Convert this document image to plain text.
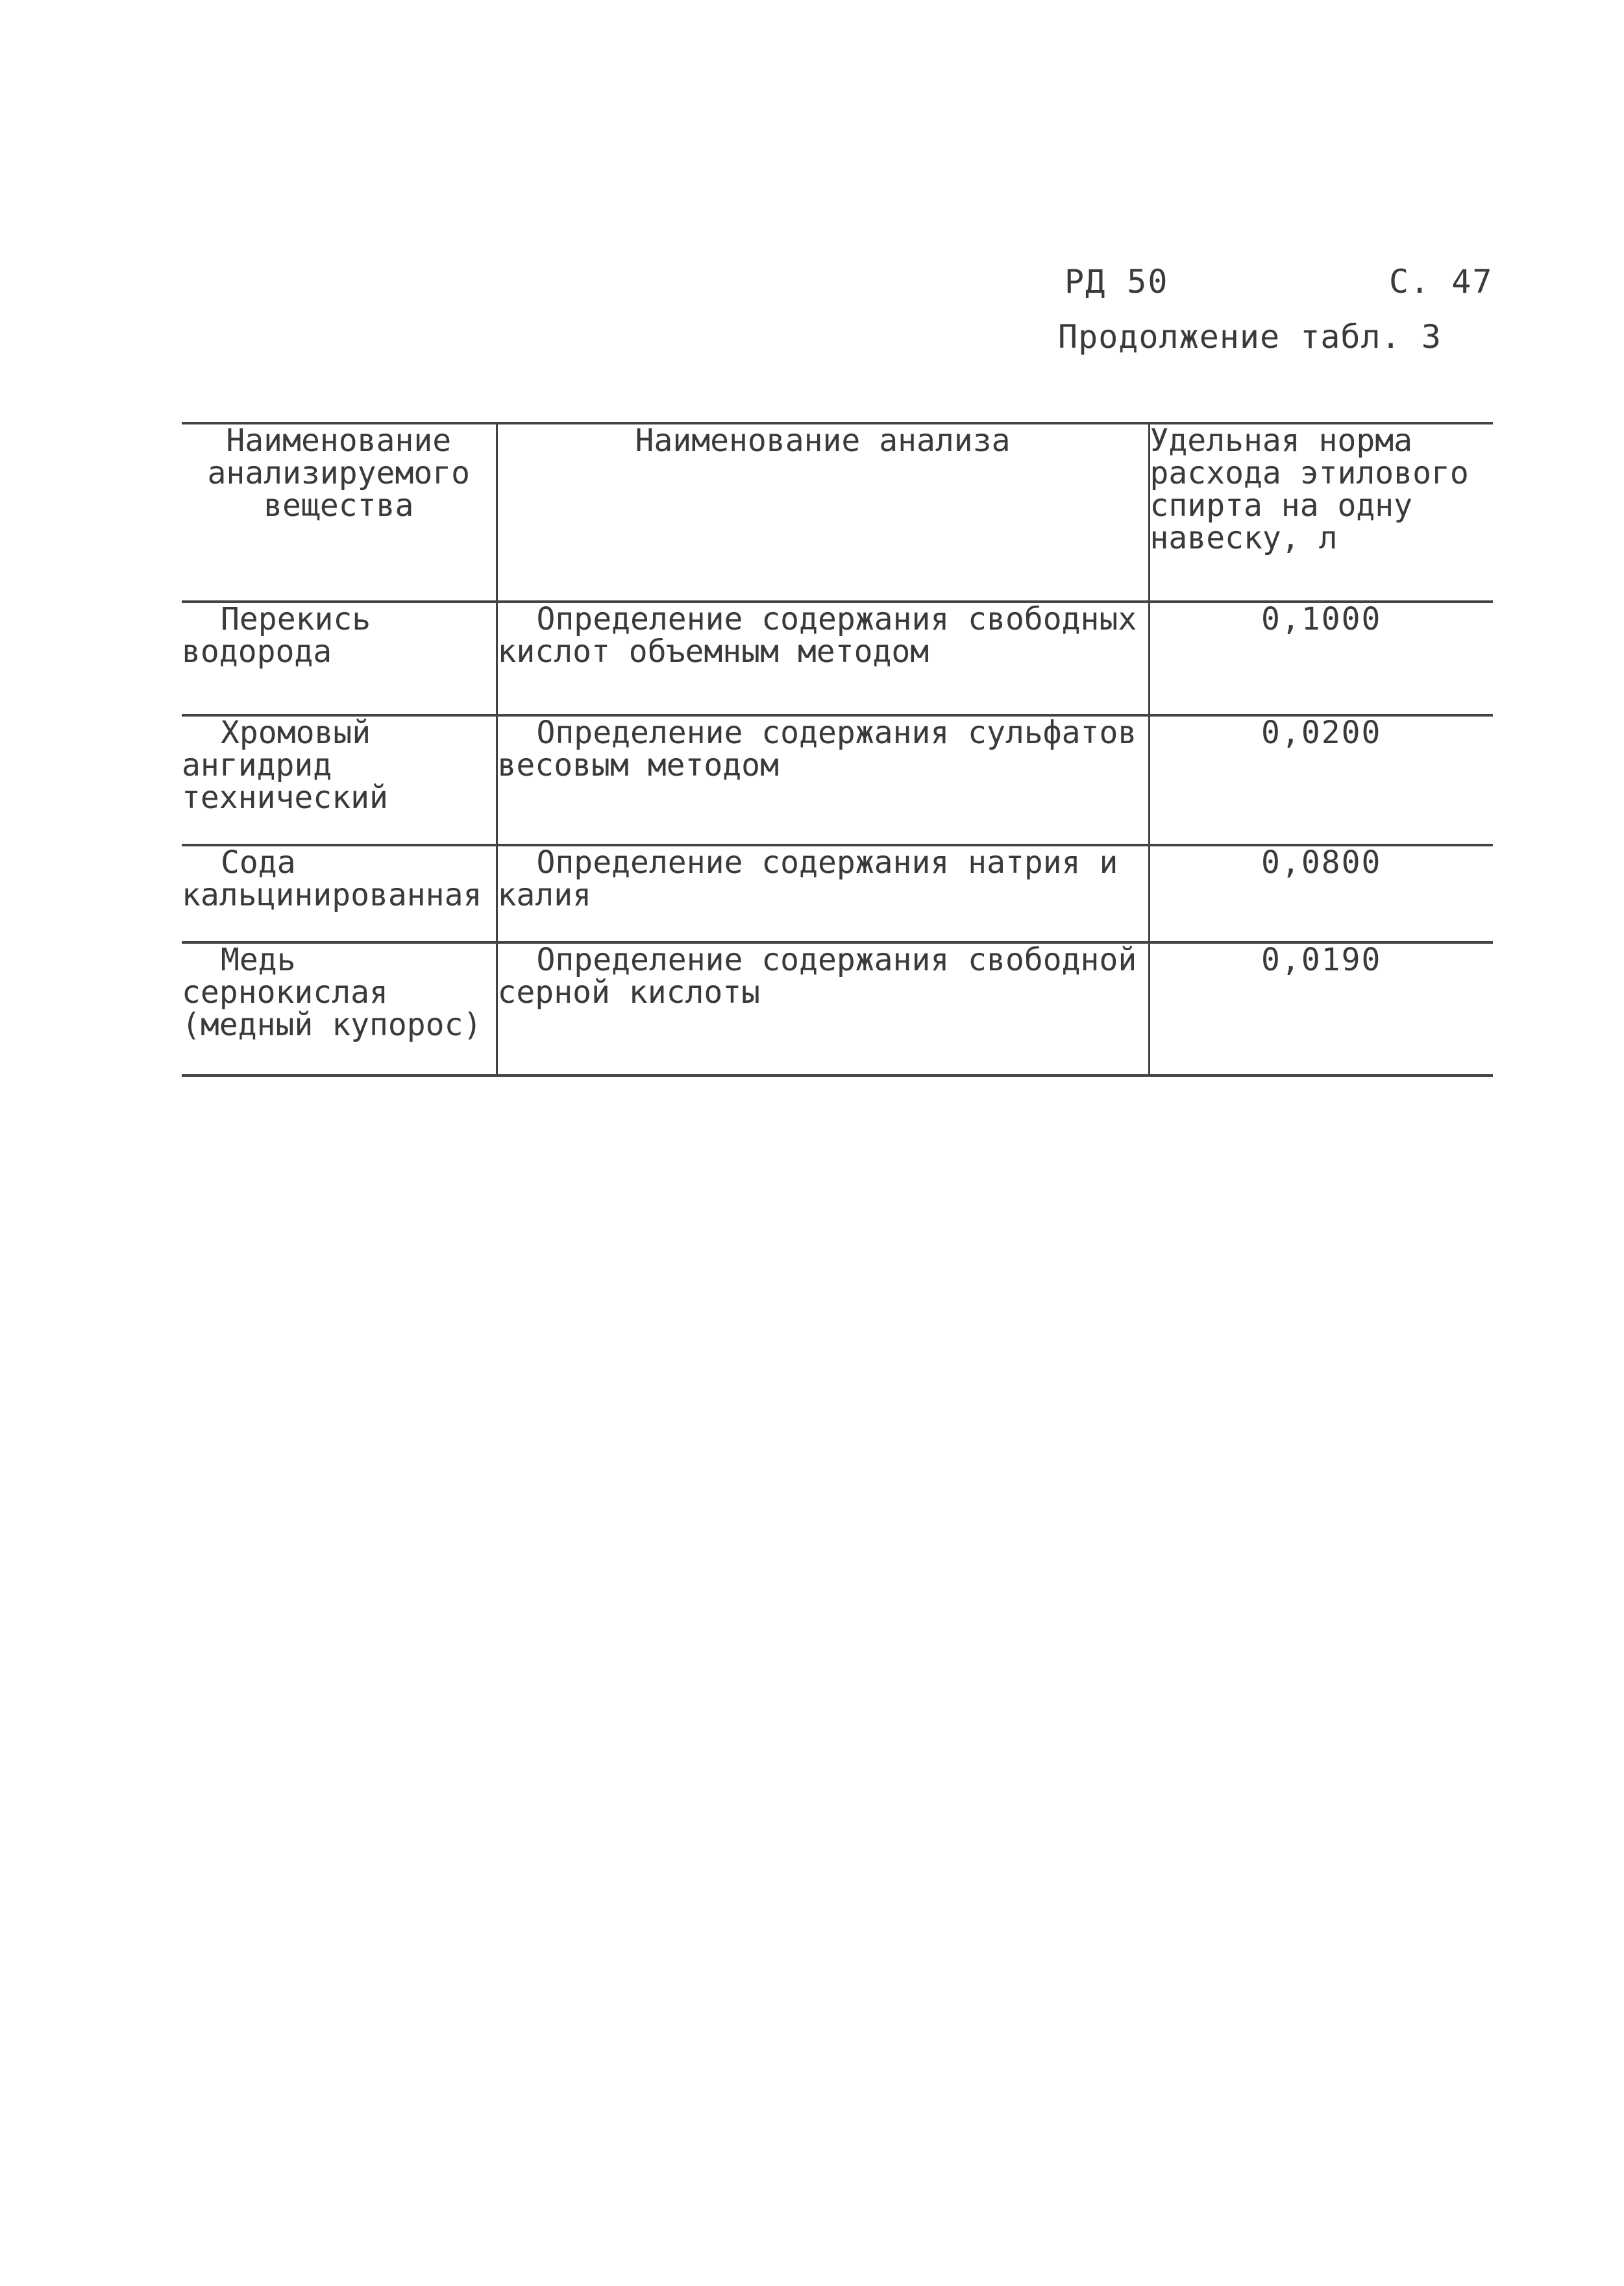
РД 50	С. 47
Продолжение табл. 3
Наименование анализируемого вещества	Наименование анализа	Удельная норма расхода этилового спирта на одну навеску, л
Перекись водорода	Определение содержания свободных кислот объемным методом	0,1000
Хромовый ангидрид технический	Определение содержания сульфатов весовым методом	0,0200
Сода кальцинированная	Определение содержания натрия и калия	0,0800
Медь сернокислая (медный купорос)	Определение содержания свободной серной кислоты	0,0190
